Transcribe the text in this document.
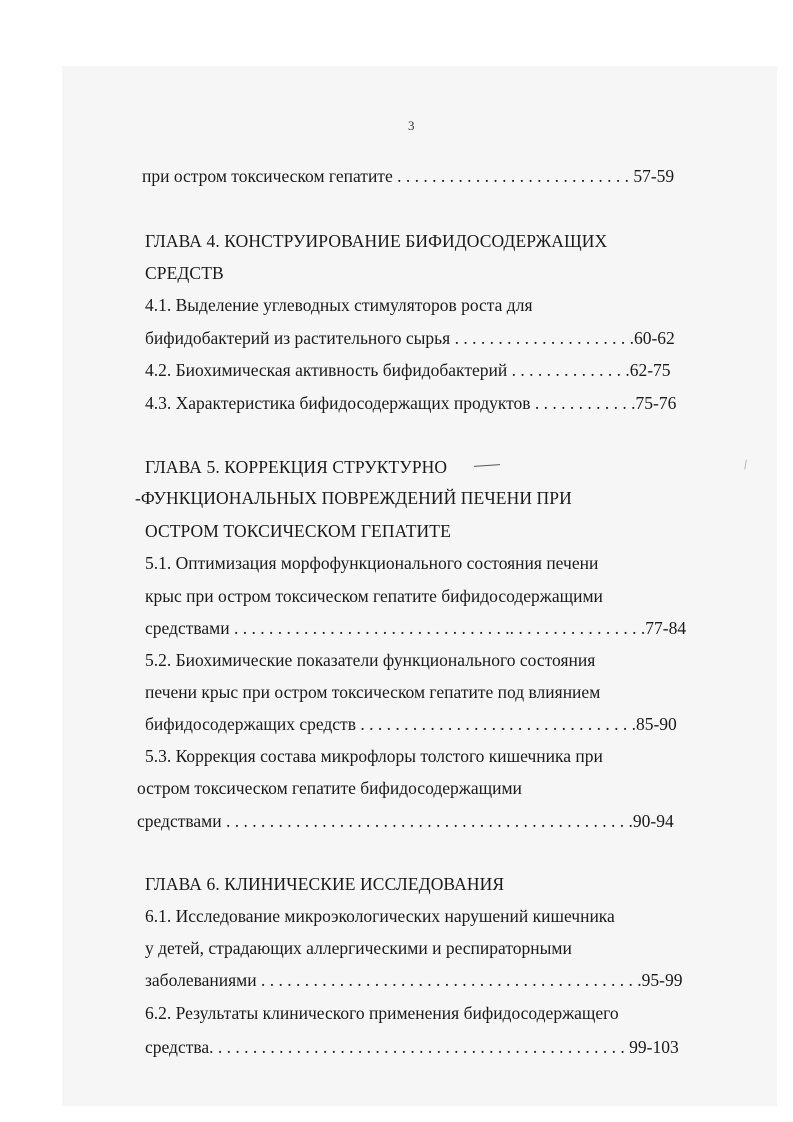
3
при остром токсическом гепатите . . . . . . . . . . . . . . . . . . . . . . . . . . . 57-59
ГЛАВА 4. КОНСТРУИРОВАНИЕ БИФИДОСОДЕРЖАЩИХ
СРЕДСТВ
4.1. Выделение углеводных стимуляторов роста для
бифидобактерий из растительного сырья . . . . . . . . . . . . . . . . . . . . .60-62
4.2. Биохимическая активность бифидобактерий . . . . . . . . . . . . . .62-75
4.3. Характеристика бифидосодержащих продуктов . . . . . . . . . . . .75-76
ГЛАВА 5. КОРРЕКЦИЯ СТРУКТУРНО
-ФУНКЦИОНАЛЬНЫХ ПОВРЕЖДЕНИЙ ПЕЧЕНИ ПРИ
ОСТРОМ ТОКСИЧЕСКОМ ГЕПАТИТЕ
5.1. Оптимизация морфофункционального состояния печени
крыс при остром токсическом гепатите бифидосодержащими
средствами . . . . . . . . . . . . . . . . . . . . . . . . . . . . . . . .. . . . . . . . . . . . . . . .77-84
5.2. Биохимические показатели функционального состояния
печени крыс при остром токсическом гепатите под влиянием
бифидосодержащих средств . . . . . . . . . . . . . . . . . . . . . . . . . . . . . . . .85-90
5.3. Коррекция состава микрофлоры толстого кишечника при
остром токсическом гепатите бифидосодержащими
средствами . . . . . . . . . . . . . . . . . . . . . . . . . . . . . . . . . . . . . . . . . . . . . . .90-94
ГЛАВА 6. КЛИНИЧЕСКИЕ ИССЛЕДОВАНИЯ
6.1. Исследование микроэкологических нарушений кишечника
у детей, страдающих аллергическими и респираторными
заболеваниями . . . . . . . . . . . . . . . . . . . . . . . . . . . . . . . . . . . . . . . . . . . .95-99
6.2. Результаты клинического применения бифидосодержащего
средства. . . . . . . . . . . . . . . . . . . . . . . . . . . . . . . . . . . . . . . . . . . . . . . . 99-103
